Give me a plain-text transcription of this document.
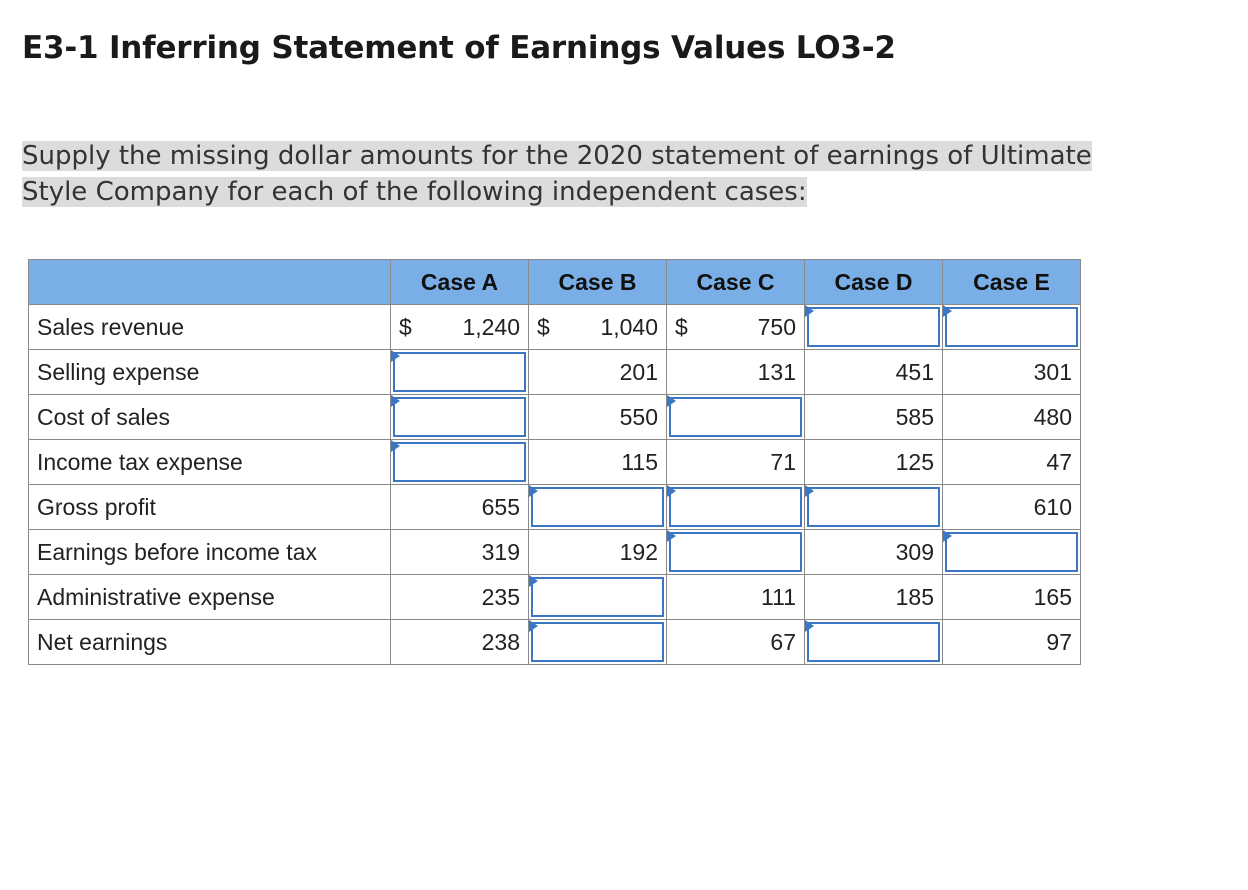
E3-1 Inferring Statement of Earnings Values LO3-2
Supply the missing dollar amounts for the 2020 statement of earnings of Ultimate Style Company for each of the following independent cases:
	Case A	Case B	Case C	Case D	Case E
Sales revenue	$ 1,240	$ 1,040	$ 750

Selling expense		201	131	451	301
Cost of sales		550		585	480
Income tax expense		115	71	125	47
Gross profit	655				610
Earnings before income tax	319	192		309	

Administrative expense	235		111	185	165
Net earnings	238		67		97
